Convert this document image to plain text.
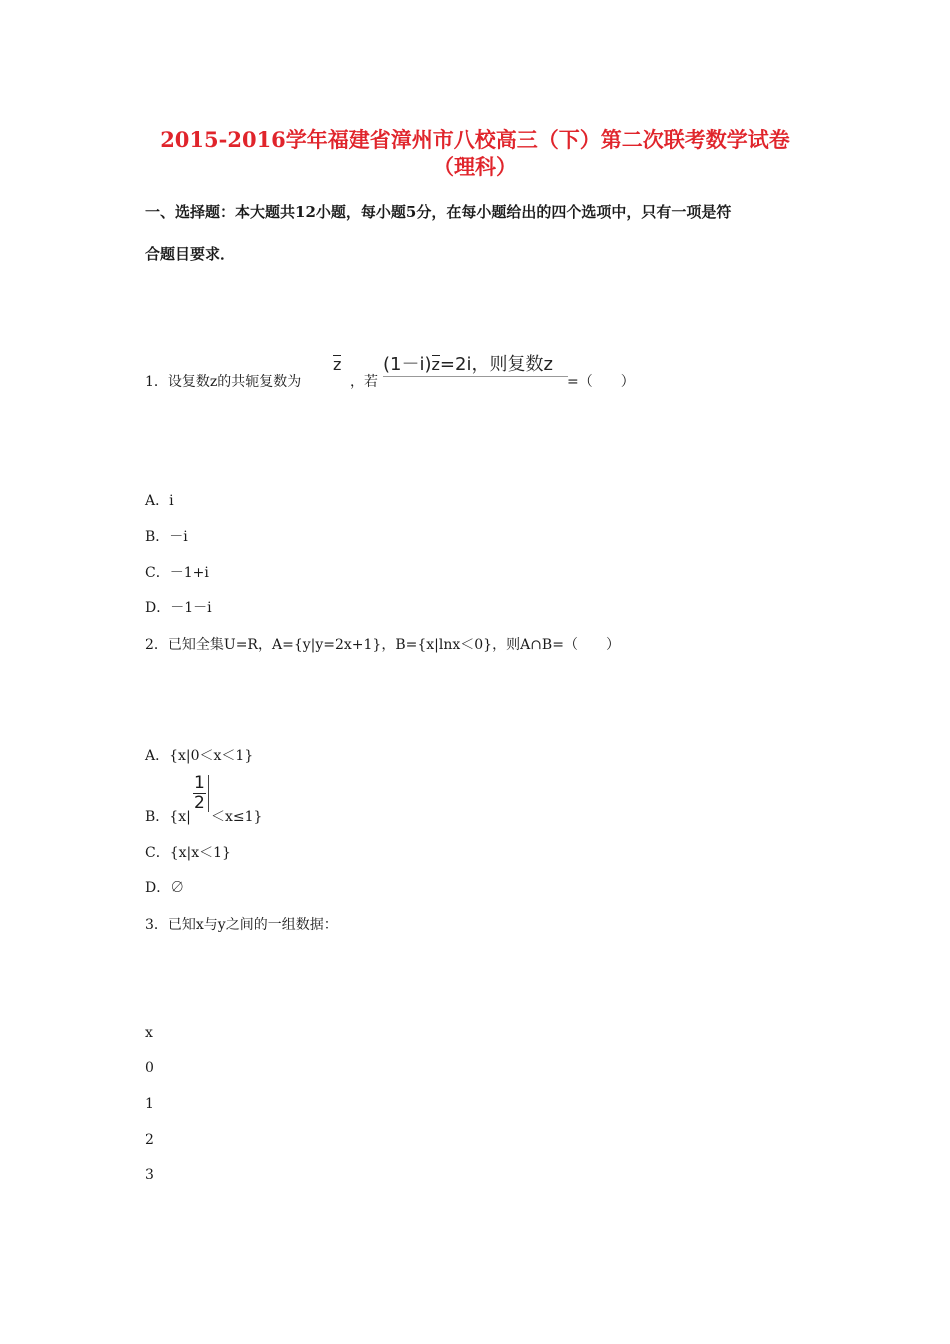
2015-2016学年福建省漳州市八校高三（下）第二次联考数学试卷
（理科）
一、选择题：本大题共12小题，每小题5分，在每小题给出的四个选项中，只有一项是符
合题目要求．
1．设复数z的共轭复数为
z
，若
(1－i)z=2i，则复数z
=（　　）
A．i
B．－i
C．－1+i
D．－1－i
2．已知全集U=R，A={y|y=2x+1}，B={x|lnx＜0}，则A∩B=（　　）
A．{x|0＜x＜1}
B．{x|
$\frac{1}{2}$
＜x≤1}
C．{x|x＜1}
D．∅
3．已知x与y之间的一组数据：
x
0
1
2
3
